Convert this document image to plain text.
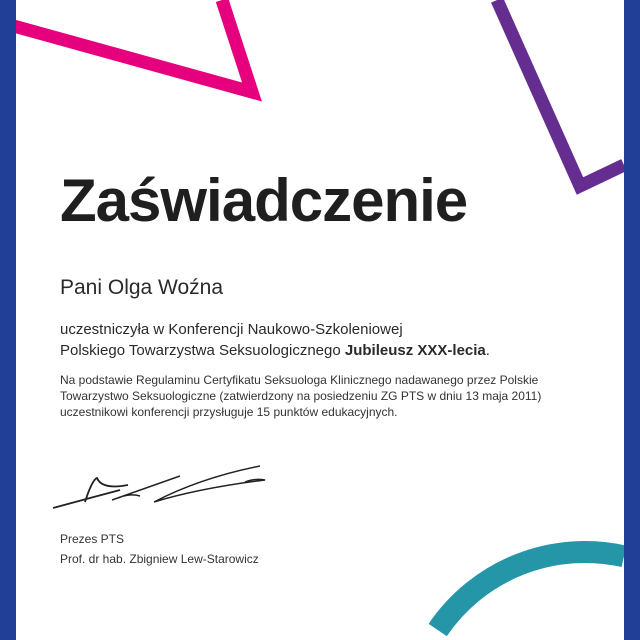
Zaświadczenie
Pani Olga Woźna
uczestniczyła w Konferencji Naukowo-Szkoleniowej
Polskiego Towarzystwa Seksuologicznego Jubileusz XXX-lecia.
Na podstawie Regulaminu Certyfikatu Seksuologa Klinicznego nadawanego przez Polskie
Towarzystwo Seksuologiczne (zatwierdzony na posiedzeniu ZG PTS w dniu 13 maja 2011)
uczestnikowi konferencji przysługuje 15 punktów edukacyjnych.
Prezes PTS
Prof. dr hab. Zbigniew Lew-Starowicz
